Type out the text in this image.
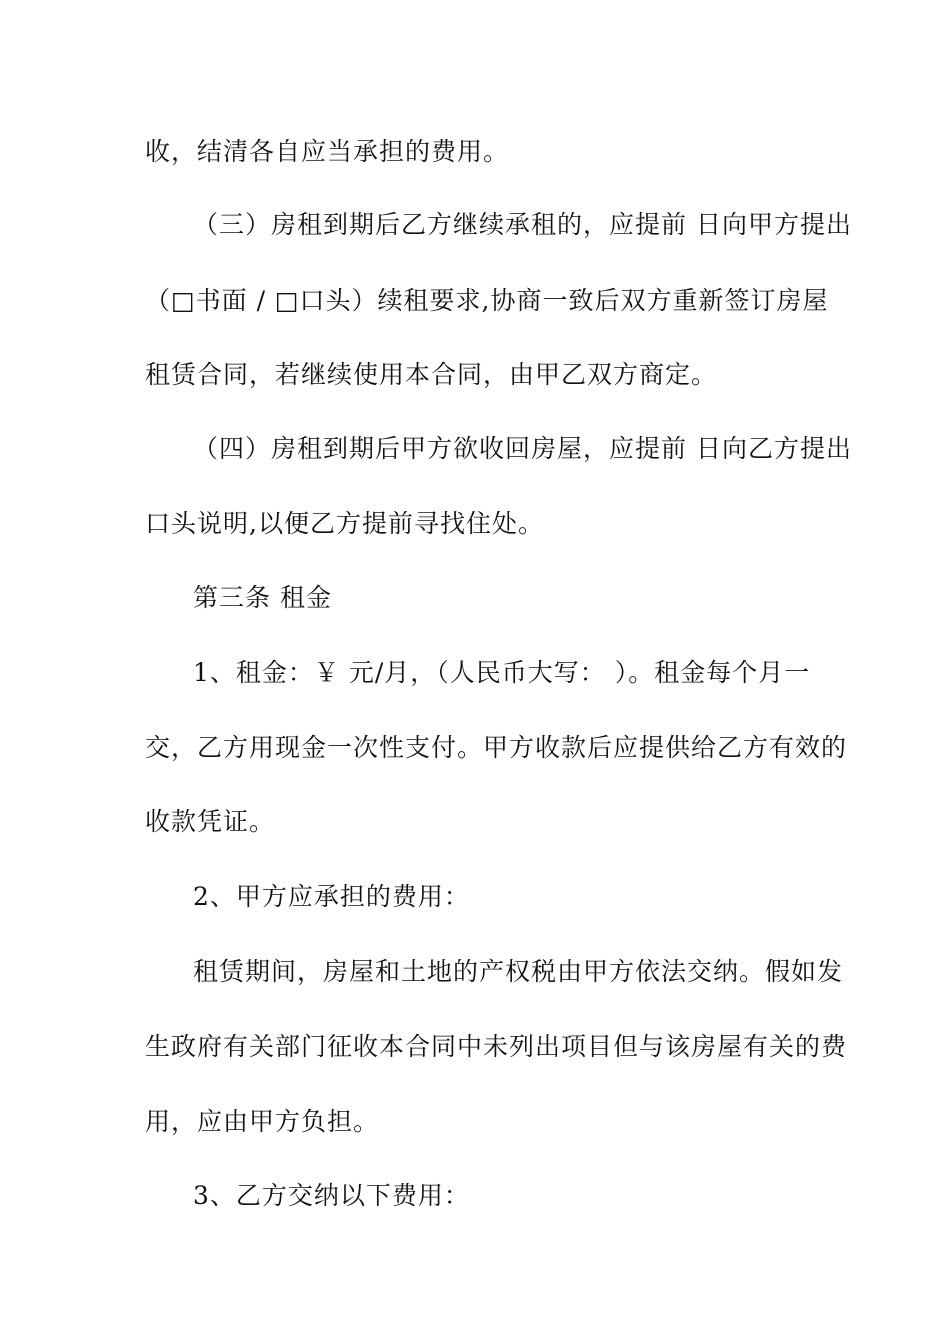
收，结清各自应当承担的费用。
（三）房租到期后乙方继续承租的，应提前 日向甲方提出
（□书面 / □口头）续租要求,协商一致后双方重新签订房屋
租赁合同，若继续使用本合同，由甲乙双方商定。
（四）房租到期后甲方欲收回房屋，应提前 日向乙方提出
口头说明,以便乙方提前寻找住处。
第三条 租金
1、租金：￥ 元/月，（人民币大写： ）。租金每个月一
交，乙方用现金一次性支付。甲方收款后应提供给乙方有效的
收款凭证。
2、甲方应承担的费用：
租赁期间，房屋和土地的产权税由甲方依法交纳。假如发
生政府有关部门征收本合同中未列出项目但与该房屋有关的费
用，应由甲方负担。
3、乙方交纳以下费用：
